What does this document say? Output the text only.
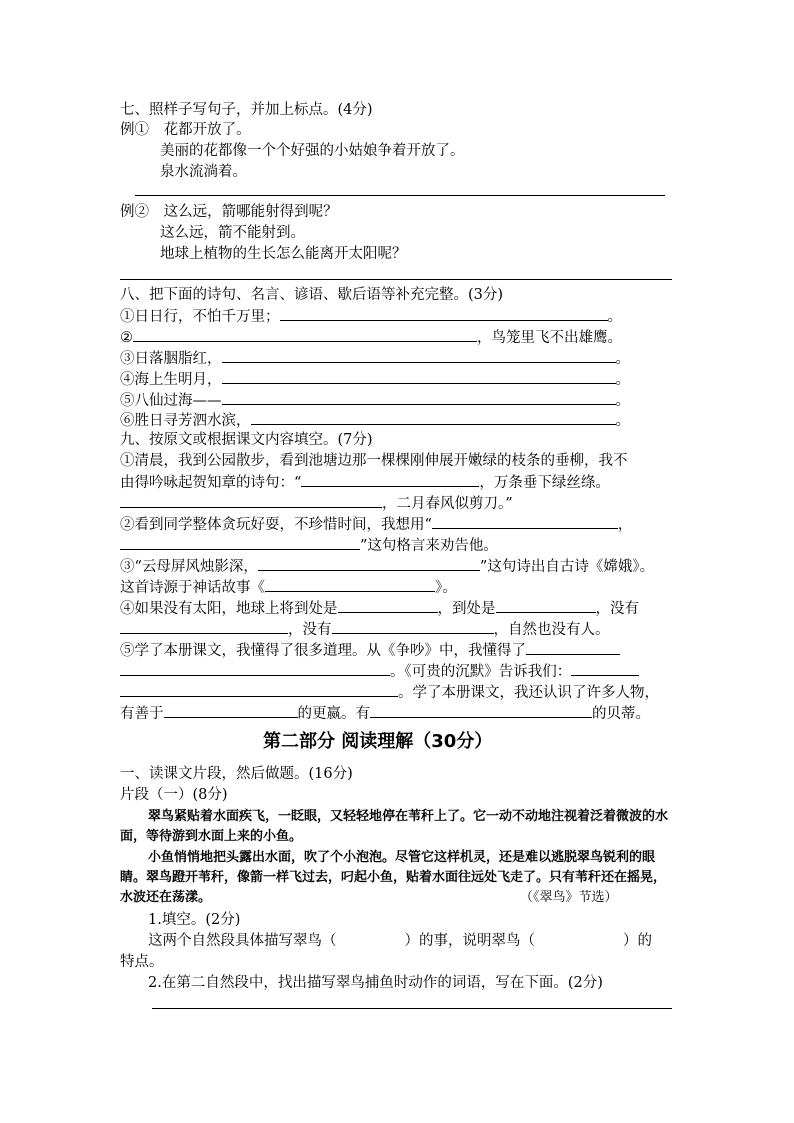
七、照样子写句子，并加上标点。(4分)
例① 花都开放了。
美丽的花都像一个个好强的小姑娘争着开放了。
泉水流淌着。
例② 这么远，箭哪能射得到呢？
这么远，箭不能射到。
地球上植物的生长怎么能离开太阳呢？
八、把下面的诗句、名言、谚语、歇后语等补充完整。(3分)
①日日行，不怕千万里；	。
②	，鸟笼里飞不出雄鹰。
③日落胭脂红，	。
④海上生明月，	。
⑤八仙过海——	。
⑥胜日寻芳泗水滨，	。
九、按原文或根据课文内容填空。(7分)
①清晨，我到公园散步，看到池塘边那一棵棵刚伸展开嫩绿的枝条的垂柳，我不
由得吟咏起贺知章的诗句：“	，万条垂下绿丝绦。
，二月春风似剪刀。”
②看到同学整体贪玩好耍，不珍惜时间，我想用“	，
”这句格言来劝告他。
③“云母屏风烛影深，	”这句诗出自古诗《嫦娥》。
这首诗源于神话故事《	》。
④如果没有太阳，地球上将到处是	，到处是	，没有
，没有	，自然也没有人。
⑤学了本册课文，我懂得了很多道理。从《争吵》中，我懂得了
。《可贵的沉默》告诉我们：
。学了本册课文，我还认识了许多人物，
有善于	的更嬴。有	的贝蒂。
第二部分 阅读理解（30分）
一、读课文片段，然后做题。(16分)
片段（一）(8分)
翠鸟紧贴着水面疾飞，一眨眼，又轻轻地停在苇秆上了。它一动不动地注视着泛着微波的水面，等待游到水面上来的小鱼。
小鱼悄悄地把头露出水面，吹了个小泡泡。尽管它这样机灵，还是难以逃脱翠鸟锐利的眼睛。翠鸟蹬开苇秆，像箭一样飞过去，叼起小鱼，贴着水面往远处飞走了。只有苇秆还在摇晃，水波还在荡漾。	（《翠鸟》节选）
1.填空。(2分)
这两个自然段具体描写翠鸟（	）的事，说明翠鸟（	）的
特点。
2.在第二自然段中，找出描写翠鸟捕鱼时动作的词语，写在下面。(2分)
